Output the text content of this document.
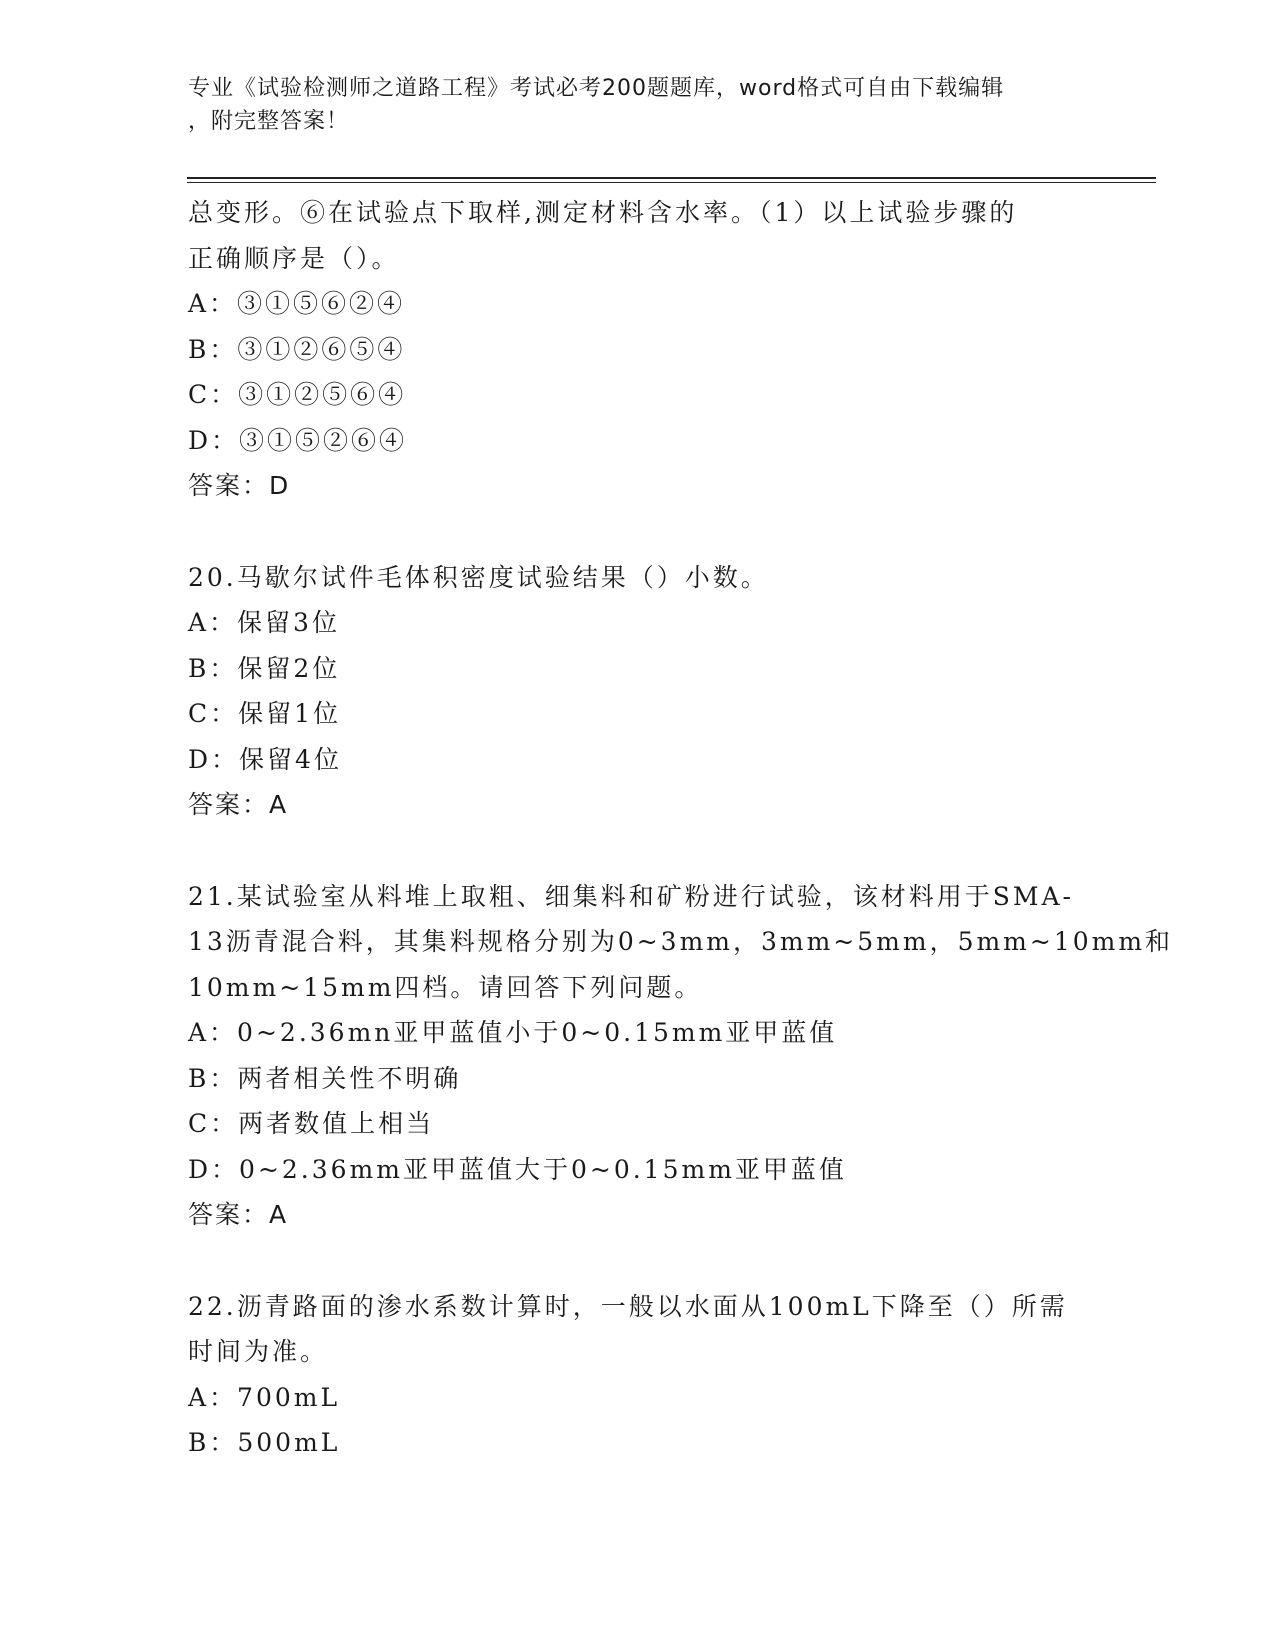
专业《试验检测师之道路工程》考试必考200题题库，word格式可自由下载编辑
，附完整答案！
总变形。⑥在试验点下取样,测定材料含水率。（1）以上试验步骤的
正确顺序是（）。
A：③①⑤⑥②④
B：③①②⑥⑤④
C：③①②⑤⑥④
D：③①⑤②⑥④
答案：D
20.马歇尔试件毛体积密度试验结果（）小数。
A：保留3位
B：保留2位
C：保留1位
D：保留4位
答案：A
21.某试验室从料堆上取粗、细集料和矿粉进行试验，该材料用于SMA-
13沥青混合料，其集料规格分别为0~3mm，3mm~5mm，5mm~10mm和
10mm~15mm四档。请回答下列问题。
A：0~2.36mn亚甲蓝值小于0~0.15mm亚甲蓝值
B：两者相关性不明确
C：两者数值上相当
D：0~2.36mm亚甲蓝值大于0~0.15mm亚甲蓝值
答案：A
22.沥青路面的渗水系数计算时，一般以水面从100mL下降至（）所需
时间为准。
A：700mL
B：500mL
